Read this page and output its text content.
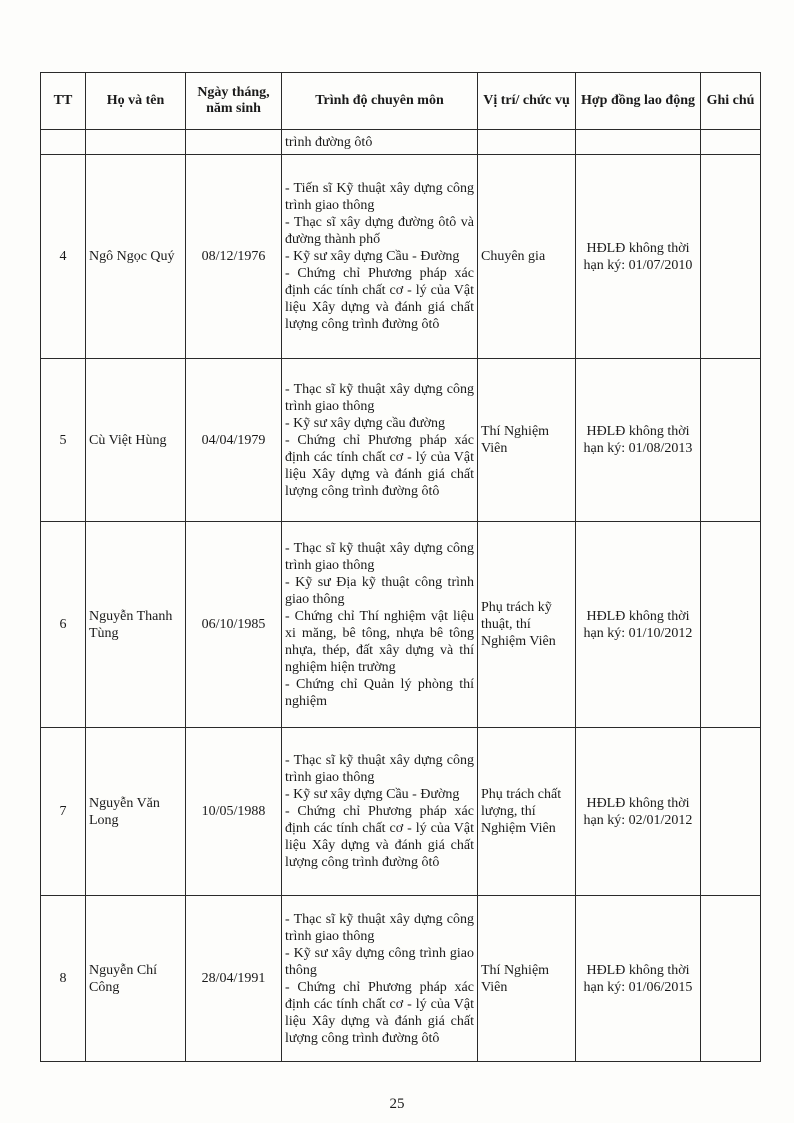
TT	Họ và tên	Ngày tháng, năm sinh	Trình độ chuyên môn	Vị trí/ chức vụ	Hợp đồng lao động	Ghi chú
			trình đường ôtô			
4	Ngô Ngọc Quý	08/12/1976	- Tiến sĩ Kỹ thuật xây dựng công trình giao thông
- Thạc sĩ xây dựng đường ôtô và đường thành phố
- Kỹ sư xây dựng Cầu - Đường
- Chứng chỉ Phương pháp xác định các tính chất cơ - lý của Vật liệu Xây dựng và đánh giá chất lượng công trình đường ôtô	Chuyên gia	HĐLĐ không thời hạn ký: 01/07/2010	
5	Cù Việt Hùng	04/04/1979	- Thạc sĩ kỹ thuật xây dựng công trình giao thông
- Kỹ sư xây dựng cầu đường
- Chứng chỉ Phương pháp xác định các tính chất cơ - lý của Vật liệu Xây dựng và đánh giá chất lượng công trình đường ôtô	Thí Nghiệm Viên	HĐLĐ không thời hạn ký: 01/08/2013	
6	Nguyễn Thanh Tùng	06/10/1985	- Thạc sĩ kỹ thuật xây dựng công trình giao thông
- Kỹ sư Địa kỹ thuật công trình giao thông
- Chứng chỉ Thí nghiệm vật liệu xi măng, bê tông, nhựa bê tông nhựa, thép, đất xây dựng và thí nghiệm hiện trường
- Chứng chỉ Quản lý phòng thí nghiệm	Phụ trách kỹ thuật, thí Nghiệm Viên	HĐLĐ không thời hạn ký: 01/10/2012	
7	Nguyễn Văn Long	10/05/1988	- Thạc sĩ kỹ thuật xây dựng công trình giao thông
- Kỹ sư xây dựng Cầu - Đường
- Chứng chỉ Phương pháp xác định các tính chất cơ - lý của Vật liệu Xây dựng và đánh giá chất lượng công trình đường ôtô	Phụ trách chất lượng, thí Nghiệm Viên	HĐLĐ không thời hạn ký: 02/01/2012	
8	Nguyễn Chí Công	28/04/1991	- Thạc sĩ kỹ thuật xây dựng công trình giao thông
- Kỹ sư xây dựng công trình giao thông
- Chứng chỉ Phương pháp xác định các tính chất cơ - lý của Vật liệu Xây dựng và đánh giá chất lượng công trình đường ôtô	Thí Nghiệm Viên	HĐLĐ không thời hạn ký: 01/06/2015	
25
